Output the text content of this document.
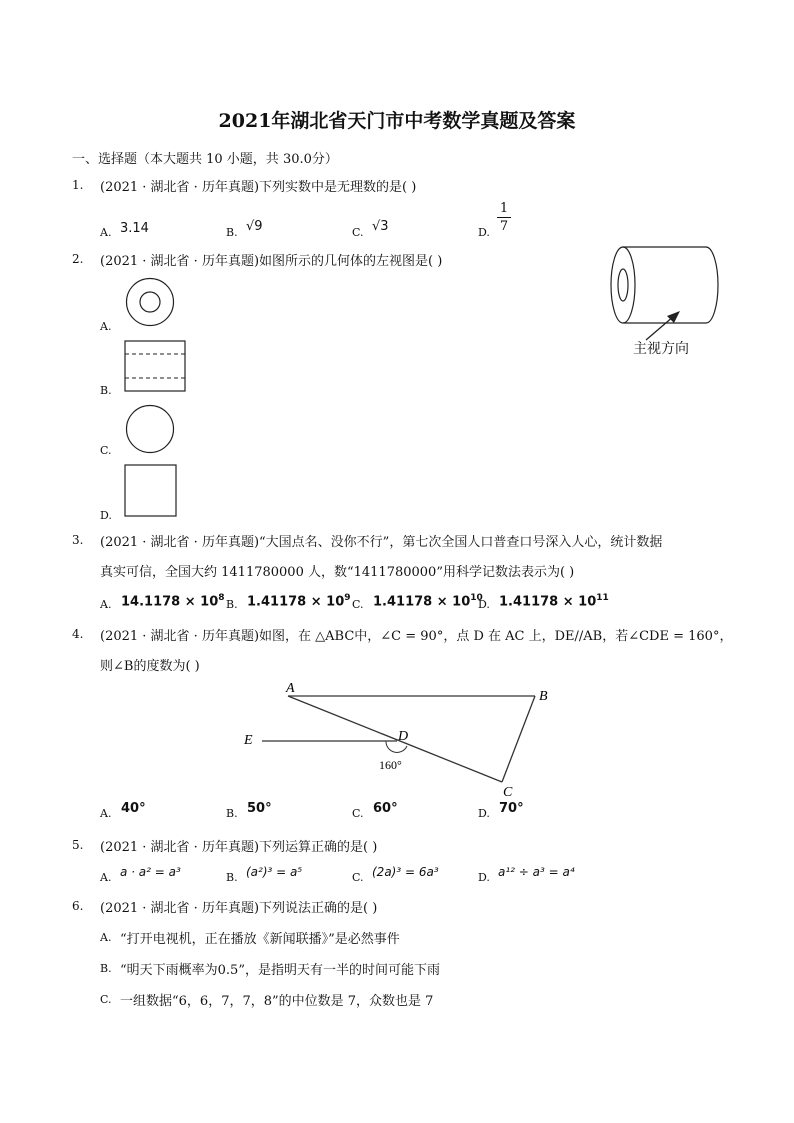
2021年湖北省天门市中考数学真题及答案
一、选择题（本大题共 10 小题，共 30.0分）
1. (2021 · 湖北省 · 历年真题)下列实数中是无理数的是( )
A. 3.14	B. √9	C. √3	D.
1
7
2. (2021 · 湖北省 · 历年真题)如图所示的几何体的左视图是( )
A.
B.
C.
D.
主视方向
3. (2021 · 湖北省 · 历年真题)“大国点名、没你不行”，第七次全国人口普查口号深入人心，统计数据
真实可信，全国大约 1411780000 人，数“1411780000”用科学记数法表示为( )
A. $14.1178 \times 10^8$ B. $1.41178 \times 10^9$ C. $1.41178 \times 10^{10}$
D. $1.41178 \times 10^{11}$
4. (2021 · 湖北省 · 历年真题)如图，在 △ABC中，∠C = 90°，点 D 在 AC 上，DE//AB，若∠CDE = 160°，
则∠B的度数为( )
A
B
C
D
E
160°
A. 40°	B. 50°	C. 60°	D. 70°
5. (2021 · 湖北省 · 历年真题)下列运算正确的是( )
A. a · a² = a³	B. (a²)³ = a⁵	C. (2a)³ = 6a³	D. a¹² ÷ a³ = a⁴
6. (2021 · 湖北省 · 历年真题)下列说法正确的是( )
A. “打开电视机，正在播放《新闻联播》”是必然事件
B. “明天下雨概率为0.5”，是指明天有一半的时间可能下雨
C. 一组数据“6，6，7，7，8”的中位数是 7，众数也是 7
